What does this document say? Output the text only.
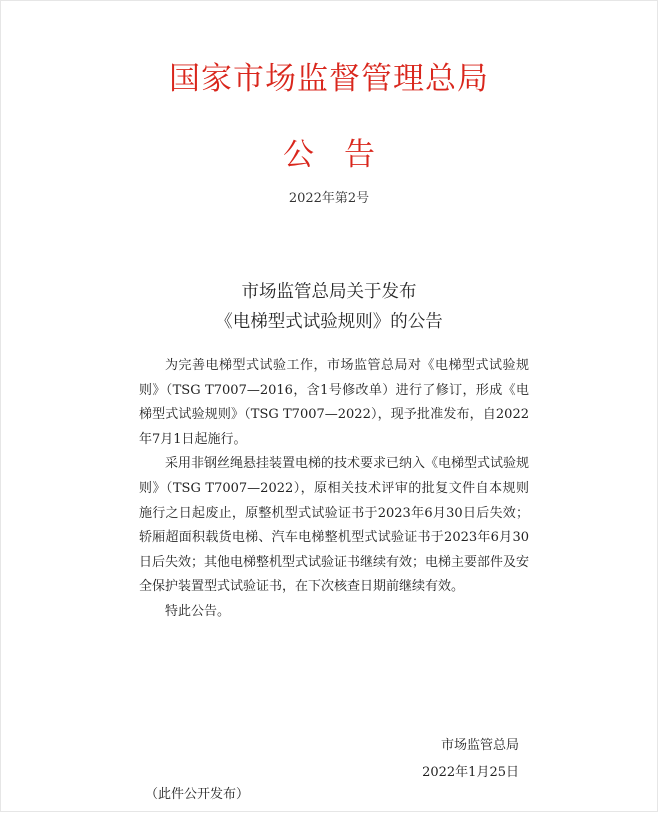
国家市场监督管理总局
公告
2022年第2号
市场监管总局关于发布
《电梯型式试验规则》的公告

为完善电梯型式试验工作，市场监管总局对《电梯型式试验规则》（TSG T7007—2016，含1号修改单）进行了修订，形成《电梯型式试验规则》（TSG T7007—2022），现予批准发布，自2022年7月1日起施行。

采用非钢丝绳悬挂装置电梯的技术要求已纳入《电梯型式试验规则》（TSG T7007—2022），原相关技术评审的批复文件自本规则施行之日起废止，原整机型式试验证书于2023年6月30日后失效；轿厢超面积载货电梯、汽车电梯整机型式试验证书于2023年6月30日后失效；其他电梯整机型式试验证书继续有效；电梯主要部件及安全保护装置型式试验证书，在下次核查日期前继续有效。

特此公告。

市场监管总局
2022年1月25日
（此件公开发布）
